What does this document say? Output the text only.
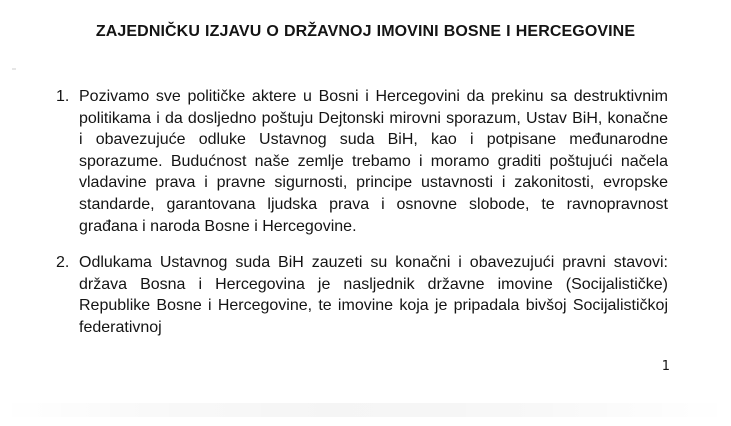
ZAJEDNIČKU IZJAVU O DRŽAVNOJ IMOVINI BOSNE I HERCEGOVINE
1. Pozivamo sve političke aktere u Bosni i Hercegovini da prekinu sa destruktivnim politikama i da dosljedno poštuju Dejtonski mirovni sporazum, Ustav BiH, konačne i obavezujuće odluke Ustavnog suda BiH, kao i potpisane međunarodne sporazume. Budućnost naše zemlje trebamo i moramo graditi poštujući načela vladavine prava i pravne sigurnosti, principe ustavnosti i zakonitosti, evropske standarde, garantovana ljudska prava i osnovne slobode, te ravnopravnost građana i naroda Bosne i Hercegovine.

2. Odlukama Ustavnog suda BiH zauzeti su konačni i obavezujući pravni stavovi: država Bosna i Hercegovina je nasljednik državne imovine (Socijalističke) Republike Bosne i Hercegovine, te imovine koja je pripadala bivšoj Socijalističkoj federativnoj

1
